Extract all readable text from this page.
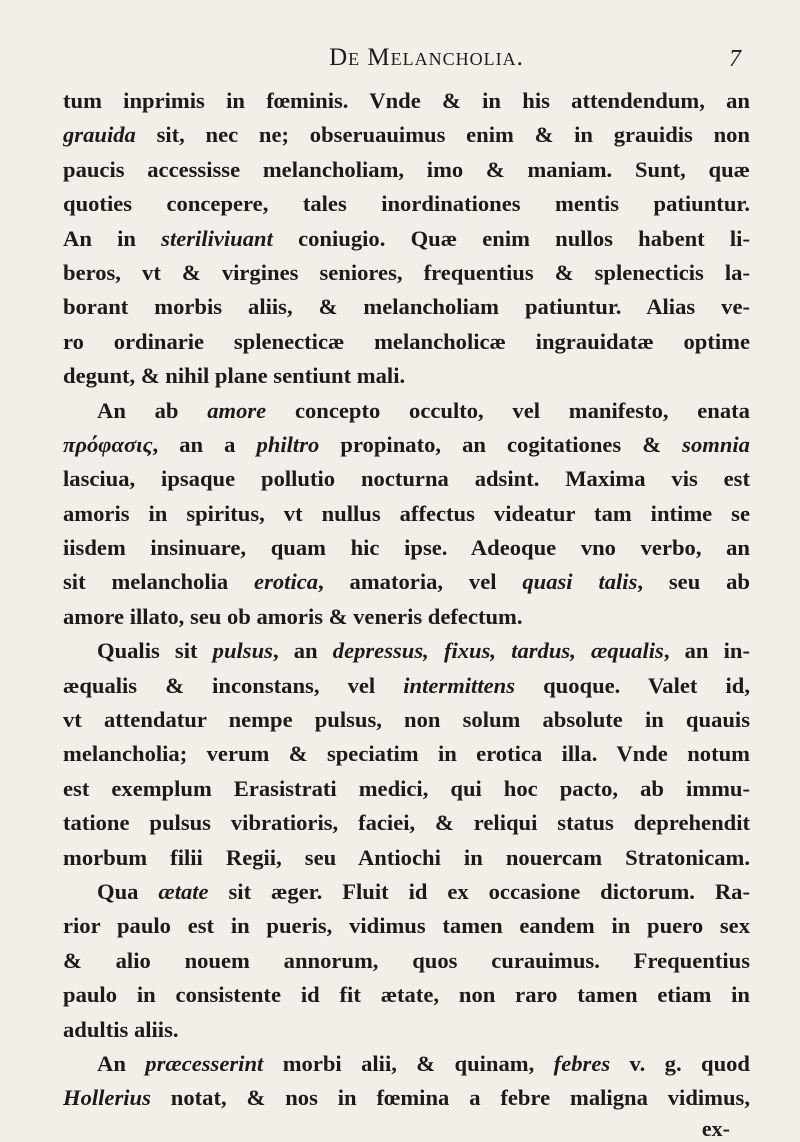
De Melancholia.	7
tum inprimis in fœminis. Vnde & in his attendendum, an
grauida sit, nec ne; obseruauimus enim & in grauidis non
paucis accessisse melancholiam, imo & maniam. Sunt, quæ
quoties concepere, tales inordinationes mentis patiuntur.
An in steriliviuant coniugio. Quæ enim nullos habent li-
beros, vt & virgines seniores, frequentius & splenecticis la-
borant morbis aliis, & melancholiam patiuntur. Alias ve-
ro ordinarie splenecticæ melancholicæ ingrauidatæ optime
degunt, & nihil plane sentiunt mali.
An ab amore concepto occulto, vel manifesto, enata
πρόφασις, an a philtro propinato, an cogitationes & somnia
lasciua, ipsaque pollutio nocturna adsint. Maxima vis est
amoris in spiritus, vt nullus affectus videatur tam intime se
iisdem insinuare, quam hic ipse. Adeoque vno verbo, an
sit melancholia erotica, amatoria, vel quasi talis, seu ab
amore illato, seu ob amoris & veneris defectum.
Qualis sit pulsus, an depressus, fixus, tardus, æqualis, an in-
æqualis & inconstans, vel intermittens quoque. Valet id,
vt attendatur nempe pulsus, non solum absolute in quauis
melancholia; verum & speciatim in erotica illa. Vnde notum
est exemplum Erasistrati medici, qui hoc pacto, ab immu-
tatione pulsus vibratioris, faciei, & reliqui status deprehendit
morbum filii Regii, seu Antiochi in nouercam Stratonicam.
Qua ætate sit æger. Fluit id ex occasione dictorum. Ra-
rior paulo est in pueris, vidimus tamen eandem in puero sex
& alio nouem annorum, quos curauimus. Frequentius
paulo in consistente id fit ætate, non raro tamen etiam in
adultis aliis.
An præcesserint morbi alii, & quinam, febres v. g. quod
Hollerius notat, & nos in fœmina a febre maligna vidimus,
ex-
